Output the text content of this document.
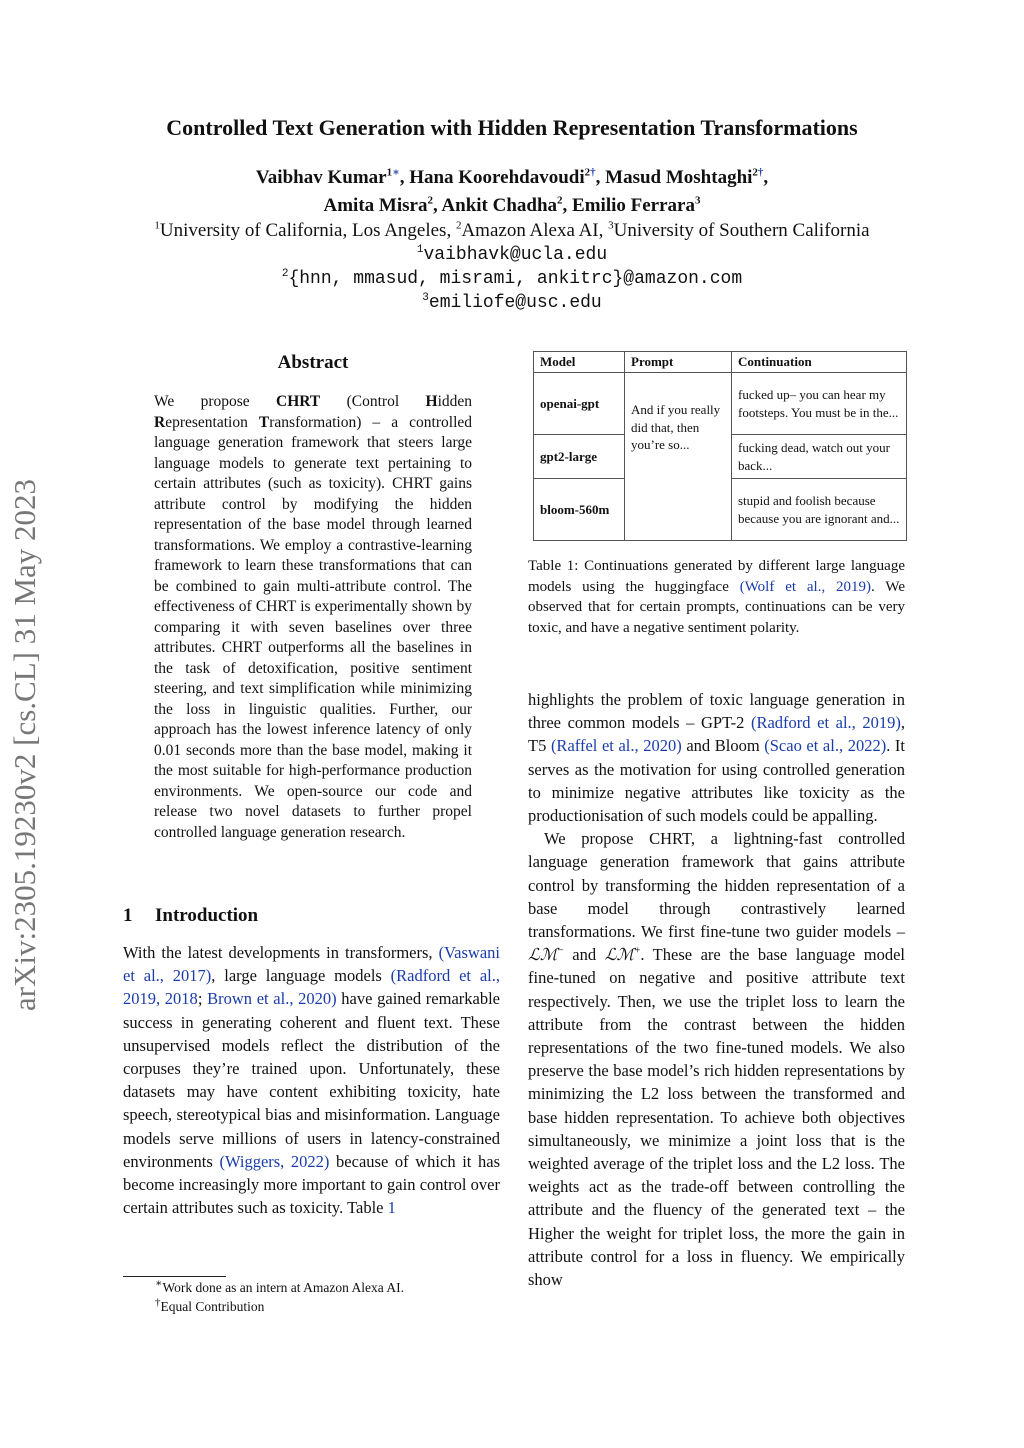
arXiv:2305.19230v2 [cs.CL] 31 May 2023
Controlled Text Generation with Hidden Representation Transformations
Vaibhav Kumar$^{1∗}$, Hana Koorehdavoudi$^{2\dagger}$, Masud Moshtaghi$^{2\dagger}$,
Amita Misra$^2$, Ankit Chadha$^2$, Emilio Ferrara$^3$
$^1$University of California, Los Angeles, $^2$Amazon Alexa AI, $^3$University of Southern California
$^1$vaibhavk@ucla.edu
$^2${hnn, mmasud, misrami, ankitrc}@amazon.com
$^3$emiliofe@usc.edu
Abstract
We propose CHRT (Control Hidden Representation Transformation) – a controlled language generation framework that steers large language models to generate text pertaining to certain attributes (such as toxicity). CHRT gains attribute control by modifying the hidden representation of the base model through learned transformations. We employ a contrastive-learning framework to learn these transformations that can be combined to gain multi-attribute control. The effectiveness of CHRT is experimentally shown by comparing it with seven baselines over three attributes. CHRT outperforms all the baselines in the task of detoxification, positive sentiment steering, and text simplification while minimizing the loss in linguistic qualities. Further, our approach has the lowest inference latency of only 0.01 seconds more than the base model, making it the most suitable for high-performance production environments. We open-source our code and release two novel datasets to further propel controlled language generation research.
1 Introduction
With the latest developments in transformers, (Vaswani et al., 2017), large language models (Radford et al., 2019, 2018; Brown et al., 2020) have gained remarkable success in generating coherent and fluent text. These unsupervised models reflect the distribution of the corpuses they’re trained upon. Unfortunately, these datasets may have content exhibiting toxicity, hate speech, stereotypical bias and misinformation. Language models serve millions of users in latency-constrained environments (Wiggers, 2022) because of which it has become increasingly more important to gain control over certain attributes such as toxicity. Table 1
∗Work done as an intern at Amazon Alexa AI.
†Equal Contribution
Model	Prompt	Continuation
openai-gpt	And if you really did that, then you’re so...	fucked up– you can hear my footsteps. You must be in the...
gpt2-large		fucking dead, watch out your back...
bloom-560m		stupid and foolish because because you are ignorant and...
Table 1: Continuations generated by different large language models using the huggingface (Wolf et al., 2019). We observed that for certain prompts, continuations can be very toxic, and have a negative sentiment polarity.

highlights the problem of toxic language generation in three common models – GPT-2 (Radford et al., 2019), T5 (Raffel et al., 2020) and Bloom (Scao et al., 2022). It serves as the motivation for using controlled generation to minimize negative attributes like toxicity as the productionisation of such models could be appalling.

We propose CHRT, a lightning-fast controlled language generation framework that gains attribute control by transforming the hidden representation of a base model through contrastively learned transformations. We first fine-tune two guider models – ℒℳ− and ℒℳ+. These are the base language model fine-tuned on negative and positive attribute text respectively. Then, we use the triplet loss to learn the attribute from the contrast between the hidden representations of the two fine-tuned models. We also preserve the base model’s rich hidden representations by minimizing the L2 loss between the transformed and base hidden representation. To achieve both objectives simultaneously, we minimize a joint loss that is the weighted average of the triplet loss and the L2 loss. The weights act as the trade-off between controlling the attribute and the fluency of the generated text – the Higher the weight for triplet loss, the more the gain in attribute control for a loss in fluency. We empirically show
